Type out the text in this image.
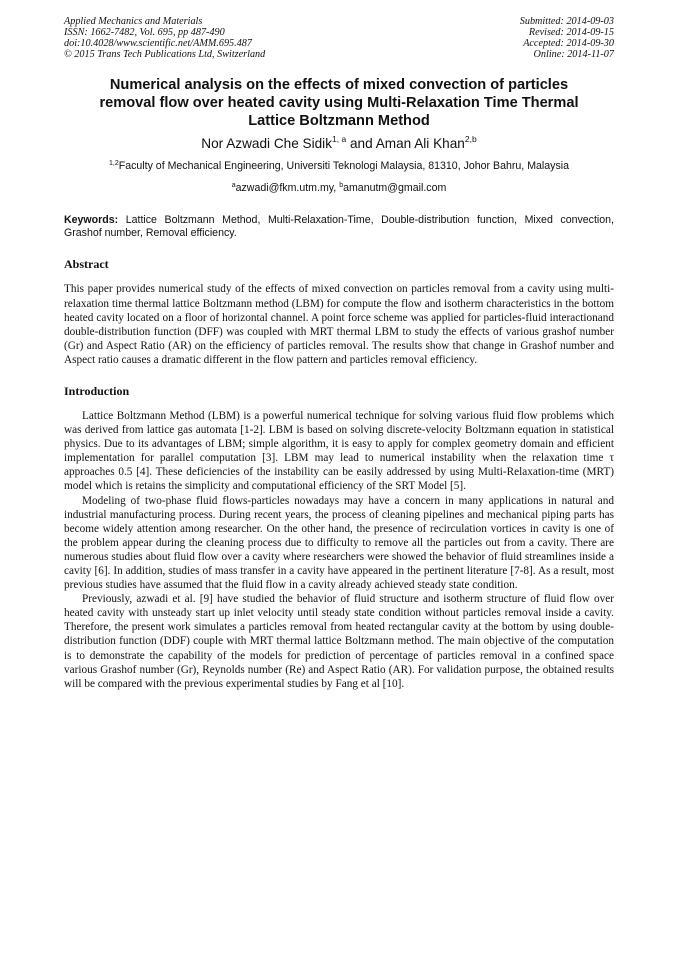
Applied Mechanics and Materials
ISSN: 1662-7482, Vol. 695, pp 487-490
doi:10.4028/www.scientific.net/AMM.695.487
© 2015 Trans Tech Publications Ltd, Switzerland
Submitted: 2014-09-03
Revised: 2014-09-15
Accepted: 2014-09-30
Online: 2014-11-07
Numerical analysis on the effects of mixed convection of particles
removal flow over heated cavity using Multi-Relaxation Time Thermal
Lattice Boltzmann Method
Nor Azwadi Che Sidik$^{1, a}$ and Aman Ali Khan$^{2,b}$
$^{1,2}$Faculty of Mechanical Engineering, Universiti Teknologi Malaysia, 81310, Johor Bahru, Malaysia
$^a$azwadi@fkm.utm.my, $^b$amanutm@gmail.com
Keywords: Lattice Boltzmann Method, Multi-Relaxation-Time, Double-distribution function, Mixed convection, Grashof number, Removal efficiency.
Abstract

This paper provides numerical study of the effects of mixed convection on particles removal from a cavity using multi-relaxation time thermal lattice Boltzmann method (LBM) for compute the flow and isotherm characteristics in the bottom heated cavity located on a floor of horizontal channel. A point force scheme was applied for particles-fluid interactionand double-distribution function (DFF) was coupled with MRT thermal LBM to study the effects of various grashof number (Gr) and Aspect Ratio (AR) on the efficiency of particles removal. The results show that change in Grashof number and Aspect ratio causes a dramatic different in the flow pattern and particles removal efficiency.

Introduction

Lattice Boltzmann Method (LBM) is a powerful numerical technique for solving various fluid flow problems which was derived from lattice gas automata [1-2]. LBM is based on solving discrete-velocity Boltzmann equation in statistical physics. Due to its advantages of LBM; simple algorithm, it is easy to apply for complex geometry domain and efficient implementation for parallel computation [3]. LBM may lead to numerical instability when the relaxation time τ approaches 0.5 [4]. These deficiencies of the instability can be easily addressed by using Multi-Relaxation-time (MRT) model which is retains the simplicity and computational efficiency of the SRT Model [5].

Modeling of two-phase fluid flows-particles nowadays may have a concern in many applications in natural and industrial manufacturing process. During recent years, the process of cleaning pipelines and mechanical piping parts has become widely attention among researcher. On the other hand, the presence of recirculation vortices in cavity is one of the problem appear during the cleaning process due to difficulty to remove all the particles out from a cavity. There are numerous studies about fluid flow over a cavity where researchers were showed the behavior of fluid streamlines inside a cavity [6]. In addition, studies of mass transfer in a cavity have appeared in the pertinent literature [7-8]. As a result, most previous studies have assumed that the fluid flow in a cavity already achieved steady state condition.

Previously, azwadi et al. [9] have studied the behavior of fluid structure and isotherm structure of fluid flow over heated cavity with unsteady start up inlet velocity until steady state condition without particles removal inside a cavity. Therefore, the present work simulates a particles removal from heated rectangular cavity at the bottom by using double-distribution function (DDF) couple with MRT thermal lattice Boltzmann method. The main objective of the computation is to demonstrate the capability of the models for prediction of percentage of particles removal in a confined space various Grashof number (Gr), Reynolds number (Re) and Aspect Ratio (AR). For validation purpose, the obtained results will be compared with the previous experimental studies by Fang et al [10].
